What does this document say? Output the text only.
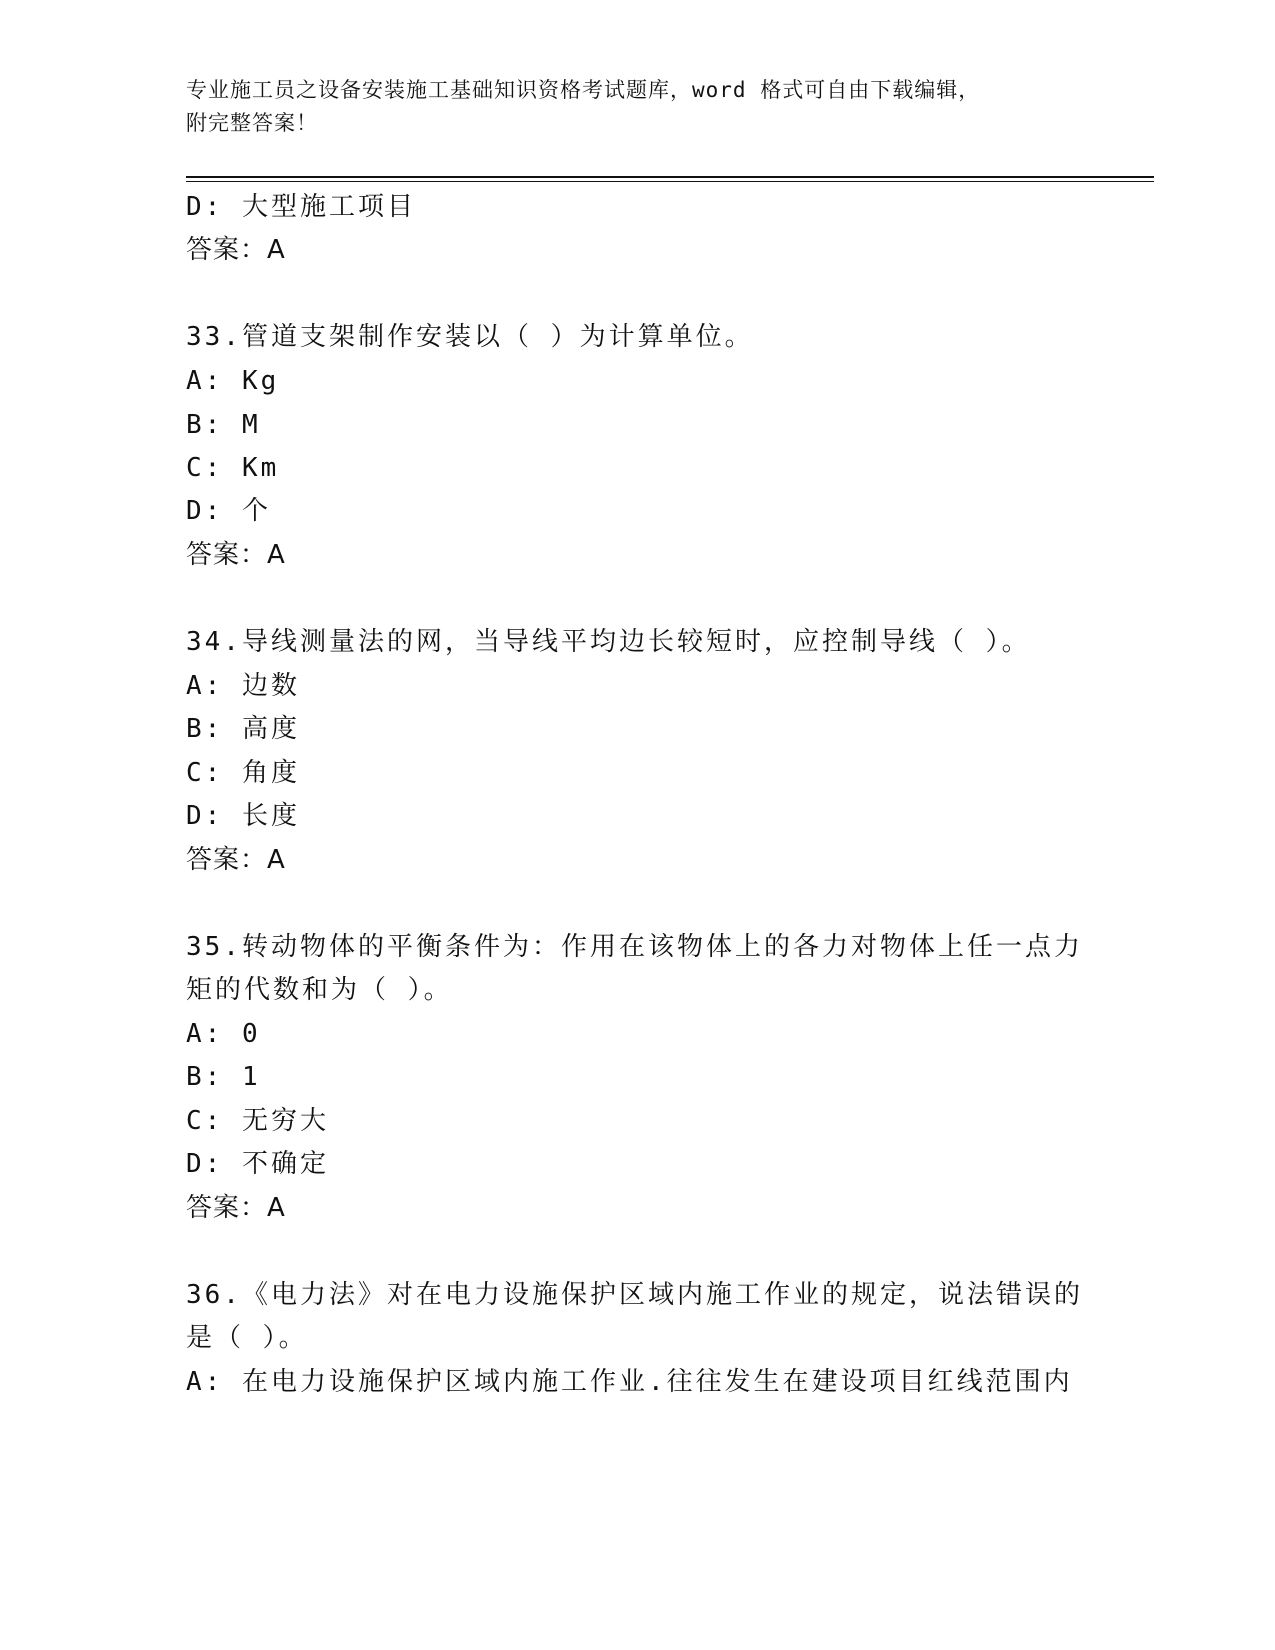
专业施工员之设备安装施工基础知识资格考试题库，word 格式可自由下载编辑，
附完整答案！
D: 大型施工项目
答案：A
33.管道支架制作安装以（ ）为计算单位。
A: Kg
B: M
C: Km
D: 个
答案：A
34.导线测量法的网，当导线平均边长较短时，应控制导线（ ）。
A: 边数
B: 高度
C: 角度
D: 长度
答案：A
35.转动物体的平衡条件为：作用在该物体上的各力对物体上任一点力
矩的代数和为（ ）。
A: 0
B: 1
C: 无穷大
D: 不确定
答案：A
36.《电力法》对在电力设施保护区域内施工作业的规定，说法错误的
是（ ）。
A: 在电力设施保护区域内施工作业.往往发生在建设项目红线范围内
